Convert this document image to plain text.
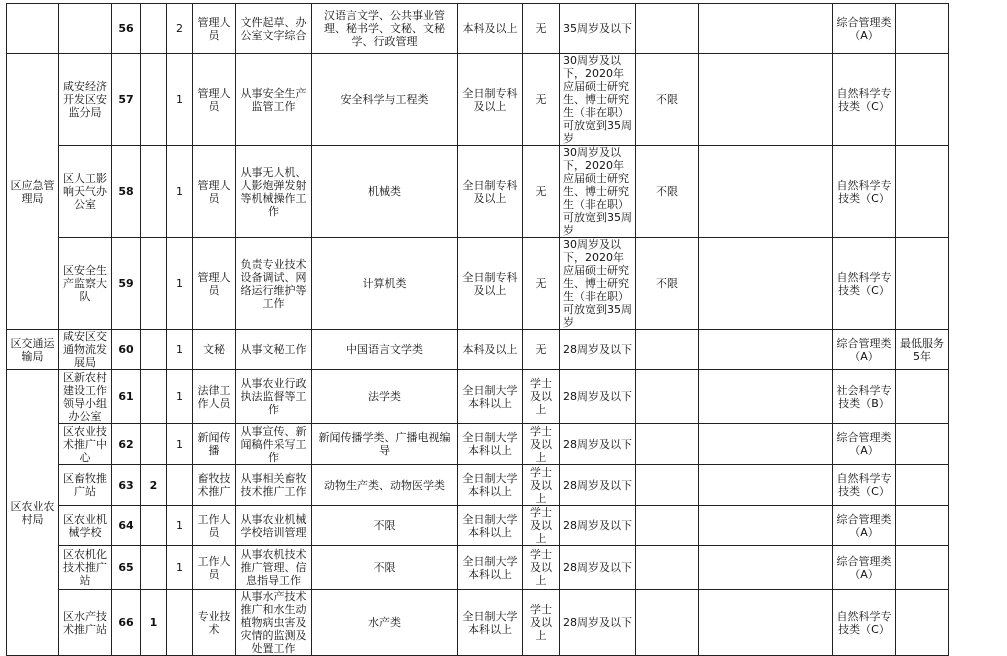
		56		2	管理人员	文件起草、办公室文字综合	汉语言文学、公共事业管理、秘书学、文秘、文秘学、行政管理	本科及以上	无	35周岁及以下			综合管理类（A）	
区应急管理局	咸安经济开发区安监分局	57		1	管理人员	从事安全生产监管工作	安全科学与工程类	全日制专科及以上	无	30周岁及以下，2020年应届硕士研究生、博士研究生（非在职）可放宽到35周岁	不限		自然科学专技类（C）	
	区人工影响天气办公室	58		1	管理人员	从事无人机、人影炮弹发射等机械操作工作	机械类	全日制专科及以上	无	30周岁及以下，2020年应届硕士研究生、博士研究生（非在职）可放宽到35周岁	不限		自然科学专技类（C）	
	区安全生产监察大队	59		1	管理人员	负责专业技术设备调试、网络运行维护等工作	计算机类	全日制专科及以上	无	30周岁及以下，2020年应届硕士研究生、博士研究生（非在职）可放宽到35周岁	不限		自然科学专技类（C）	
区交通运输局	咸安区交通物流发展局	60		1	文秘	从事文秘工作	中国语言文学类	本科及以上	无	28周岁及以下			综合管理类（A）	最低服务5年
区农业农村局	区新农村建设工作领导小组办公室	61		1	法律工作人员	从事农业行政执法监督等工作	法学类	全日制大学本科以上	学士及以上	28周岁及以下			社会科学专技类（B）	
	区农业技术推广中心	62		1	新闻传播	从事宣传、新闻稿件采写工作	新闻传播学类、广播电视编导	全日制大学本科以上	学士及以上	28周岁及以下			综合管理类（A）	
	区畜牧推广站	63	2		畜牧技术推广	从事相关畜牧技术推广工作	动物生产类、动物医学类	全日制大学本科以上	学士及以上	28周岁及以下			自然科学专技类（C）	
	区农业机械学校	64		1	工作人员	从事农业机械学校培训管理	不限	全日制大学本科以上	学士及以上	28周岁及以下			综合管理类（A）	
	区农机化技术推广站	65		1	工作人员	从事农机技术推广管理、信息指导工作	不限	全日制大学本科以上	学士及以上	28周岁及以下			综合管理类（A）	
	区水产技术推广站	66	1		专业技术	从事水产技术推广和水生动植物病虫害及灾情的监测及处置工作	水产类	全日制大学本科以上	学士及以上	28周岁及以下			自然科学专技类（C）	
